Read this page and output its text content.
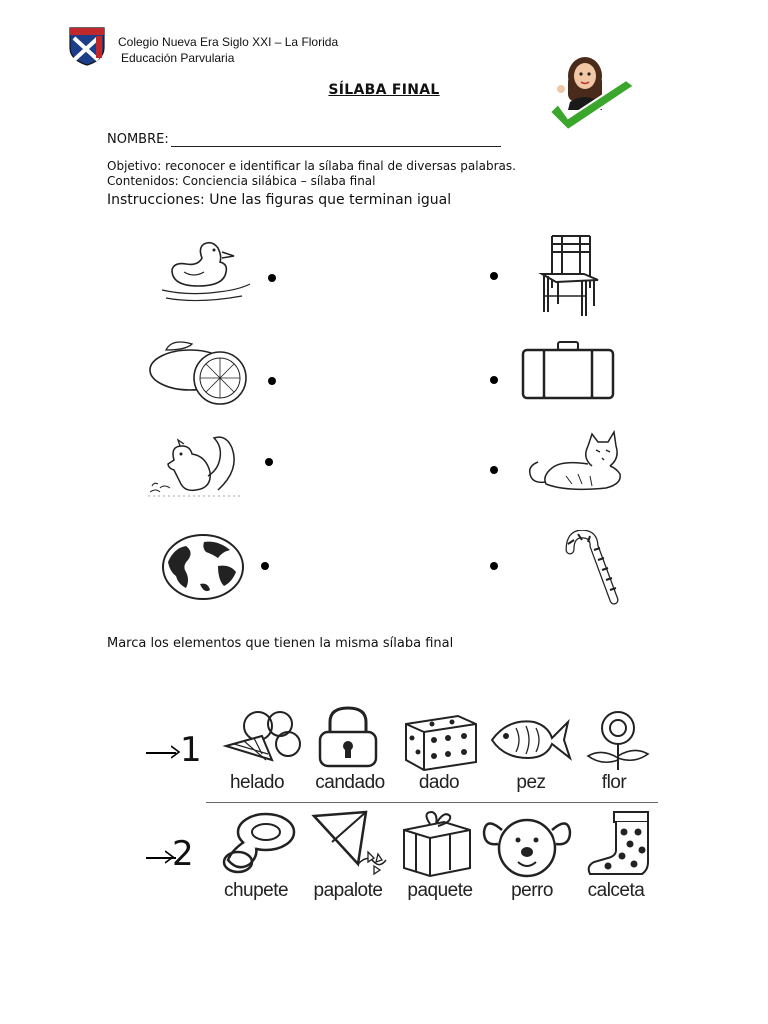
Colegio Nueva Era Siglo XXI – La Florida
Educación Parvularia
SÍLABA FINAL
NOMBRE:
Objetivo: reconocer e identificar la sílaba final de diversas palabras.
Contenidos: Conciencia silábica – sílaba final
Instrucciones: Une las figuras que terminan igual
Marca los elementos que tienen la misma sílaba final
1
2
helado	candado	dado	pez	flor
chupete	papalote	paquete	perro	calceta
